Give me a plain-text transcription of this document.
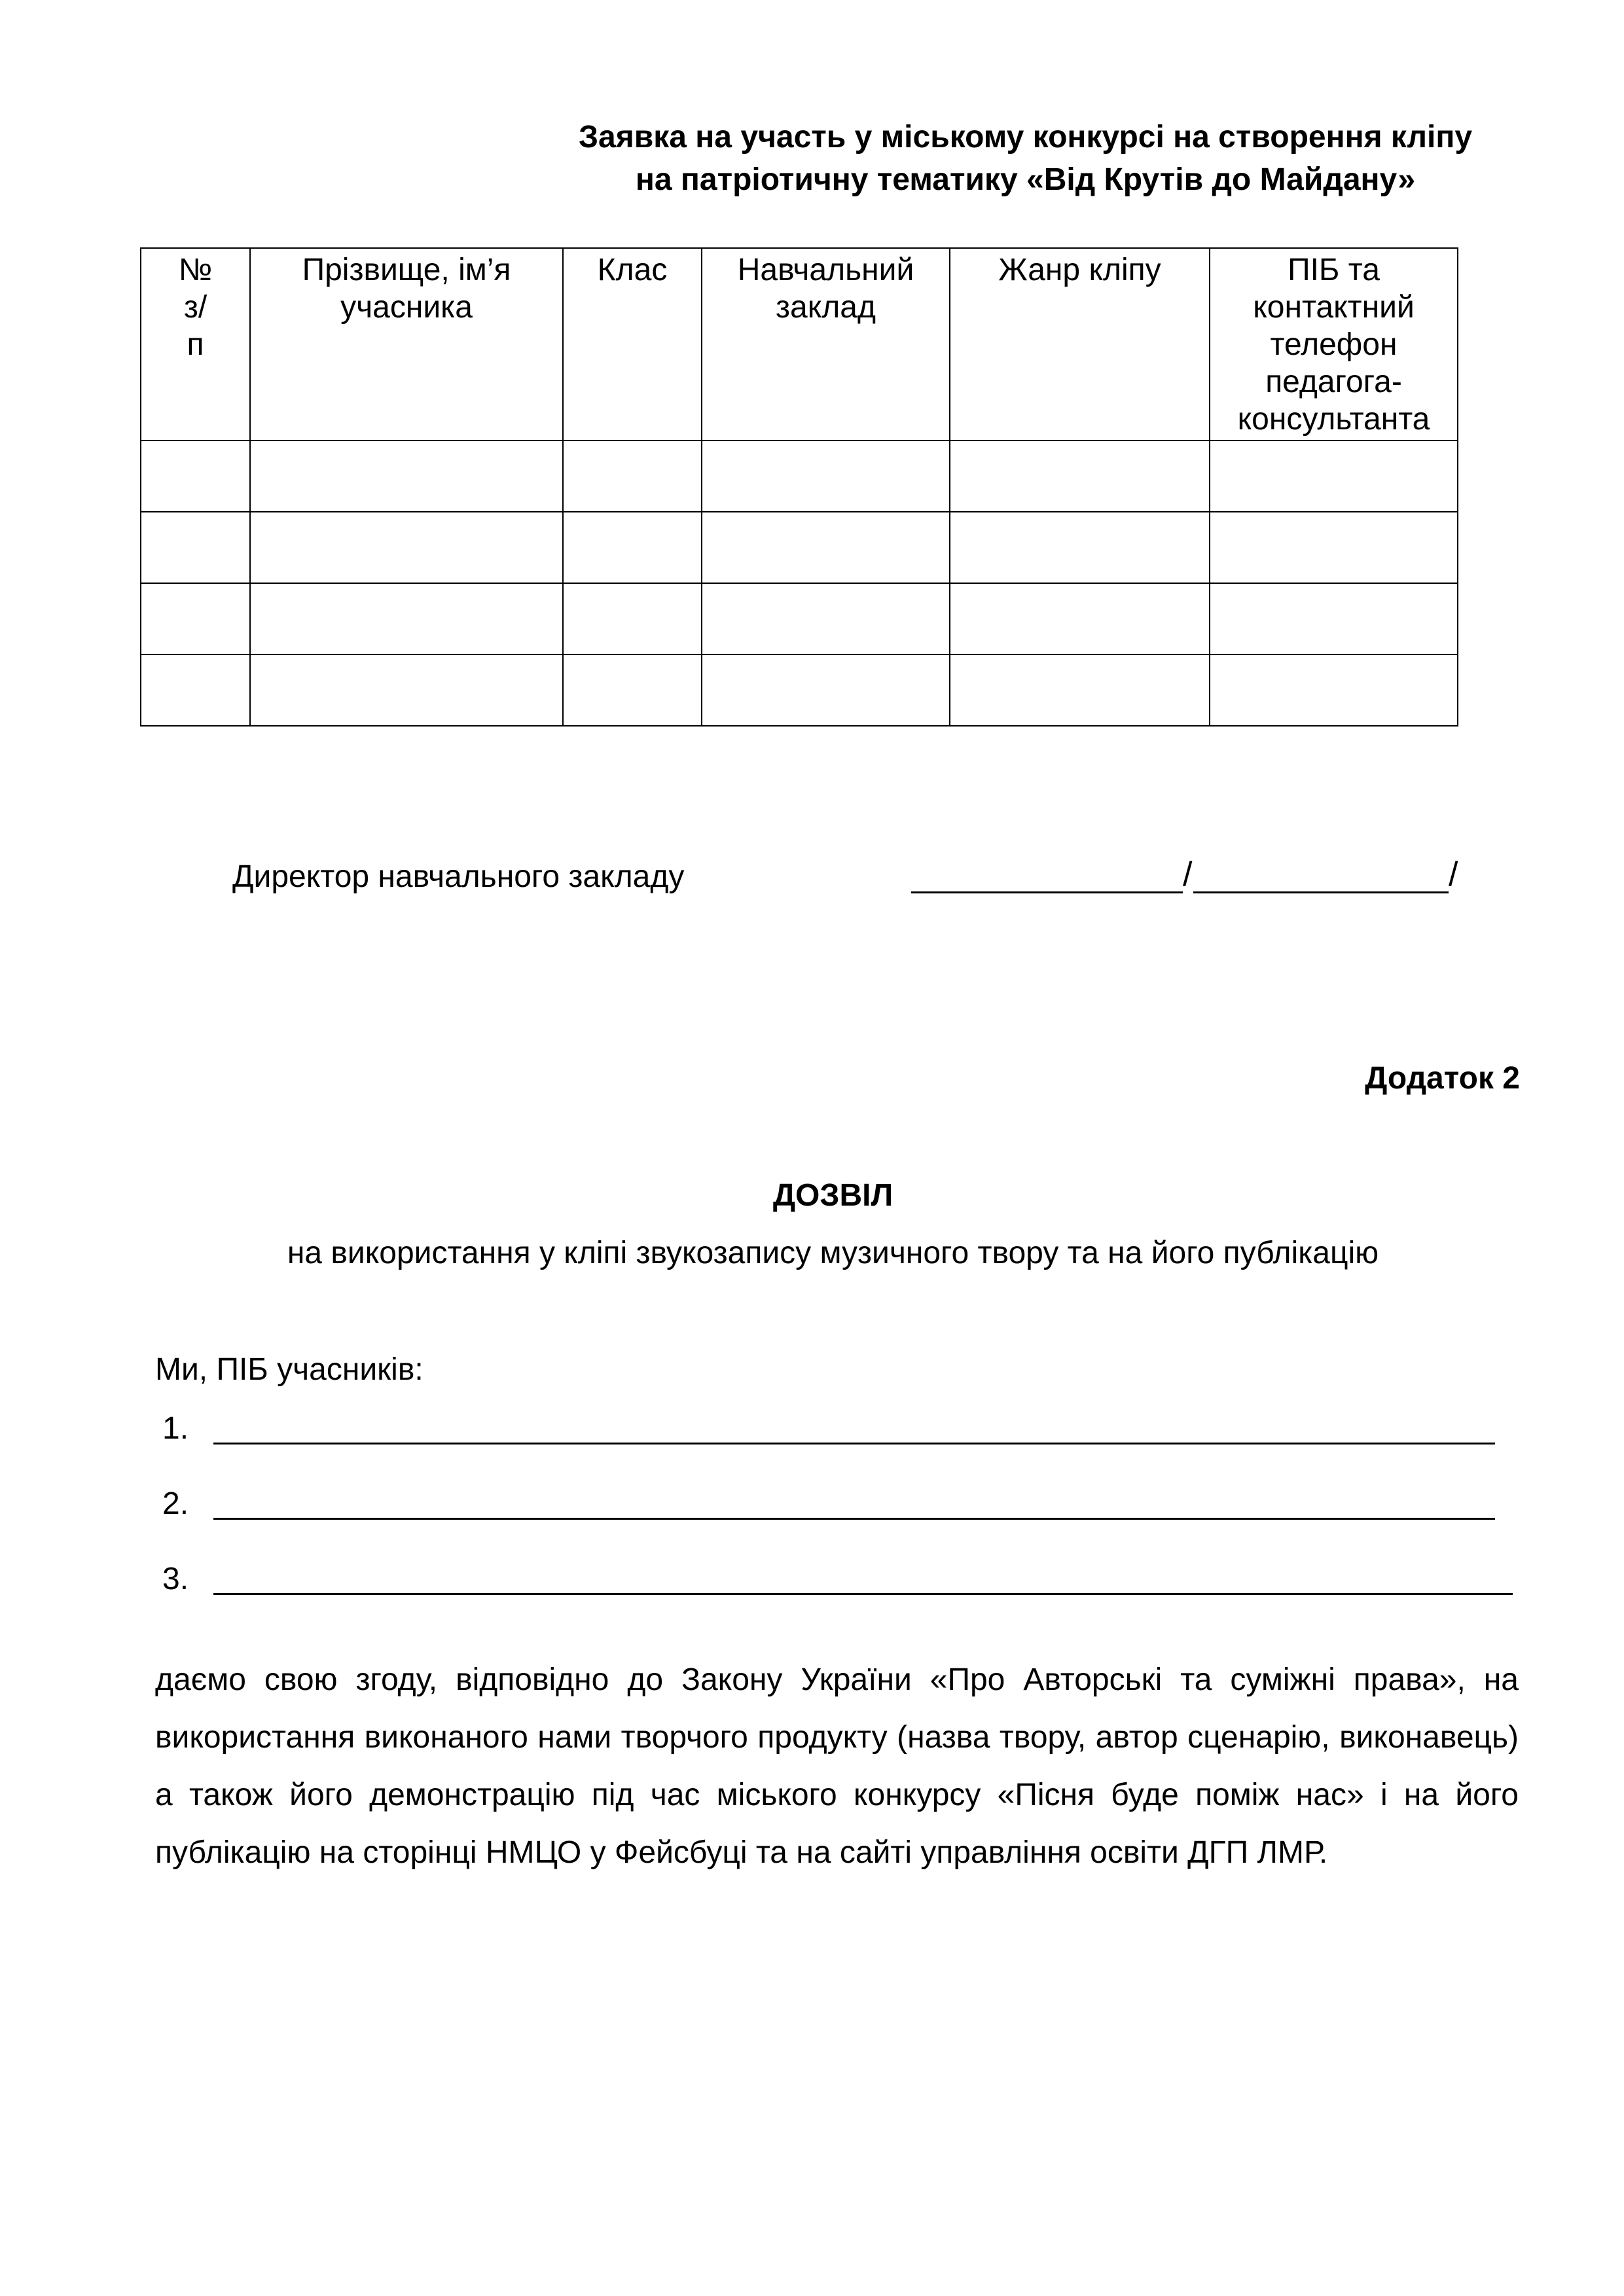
Заявка на участь у міському конкурсі на створення кліпу
на патріотичну тематику «Від Крутів до Майдану»
№ з/п	Прізвище, ім’я учасника	Клас	Навчальний заклад	Жанр кліпу	ПІБ та контактний телефон педагога-консультанта

Директор навчального закладу	/	/
Додаток 2
ДОЗВІЛ
на використання у кліпі звукозапису музичного твору та на його публікацію
Ми, ПІБ учасників:
1.
2.
3.
даємо свою згоду, відповідно до Закону України «Про Авторські та суміжні права», на використання виконаного нами творчого продукту (назва твору, автор сценарію, виконавець) а також його демонстрацію під час міського конкурсу «Пісня буде поміж нас» і на його публікацію на сторінці НМЦО у Фейсбуці та на сайті управління освіти ДГП ЛМР.
